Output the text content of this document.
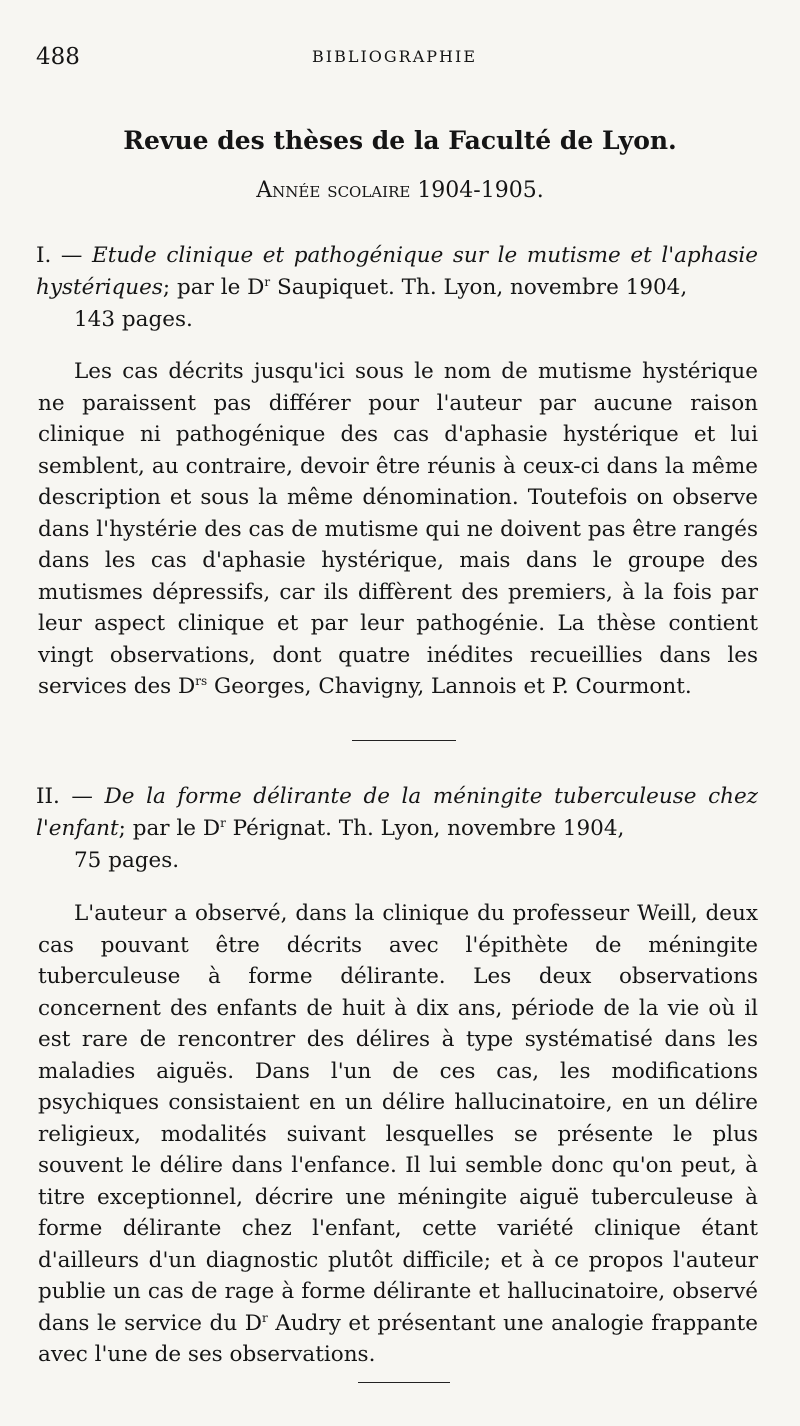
488	BIBLIOGRAPHIE
Revue des thèses de la Faculté de Lyon.
Année scolaire 1904-1905.
I. — Etude clinique et pathogénique sur le mutisme et l'aphasie hystériques; par le $D^r$ Saupiquet. Th. Lyon, novembre 1904,
143 pages.
Les cas décrits jusqu'ici sous le nom de mutisme hystérique ne paraissent pas différer pour l'auteur par aucune raison clinique ni pathogénique des cas d'aphasie hystérique et lui semblent, au contraire, devoir être réunis à ceux-ci dans la même description et sous la même dénomination. Toutefois on observe dans l'hystérie des cas de mutisme qui ne doivent pas être rangés dans les cas d'aphasie hystérique, mais dans le groupe des mutismes dépressifs, car ils diffèrent des premiers, à la fois par leur aspect clinique et par leur pathogénie. La thèse contient vingt observations, dont quatre inédites recueillies dans les services des $D^{rs}$ Georges, Chavigny, Lannois et P. Courmont.
II. — De la forme délirante de la méningite tuberculeuse chez l'enfant; par le $D^r$ Pérignat. Th. Lyon, novembre 1904,
75 pages.
L'auteur a observé, dans la clinique du professeur Weill, deux cas pouvant être décrits avec l'épithète de méningite tuberculeuse à forme délirante. Les deux observations concernent des enfants de huit à dix ans, période de la vie où il est rare de rencontrer des délires à type systématisé dans les maladies aiguës. Dans l'un de ces cas, les modifications psychiques consistaient en un délire hallucinatoire, en un délire religieux, modalités suivant lesquelles se présente le plus souvent le délire dans l'enfance. Il lui semble donc qu'on peut, à titre exceptionnel, décrire une méningite aiguë tuberculeuse à forme délirante chez l'enfant, cette variété clinique étant d'ailleurs d'un diagnostic plutôt difficile; et à ce propos l'auteur publie un cas de rage à forme délirante et hallucinatoire, observé dans le service du $D^r$ Audry et présentant une analogie frappante avec l'une de ses observations.
